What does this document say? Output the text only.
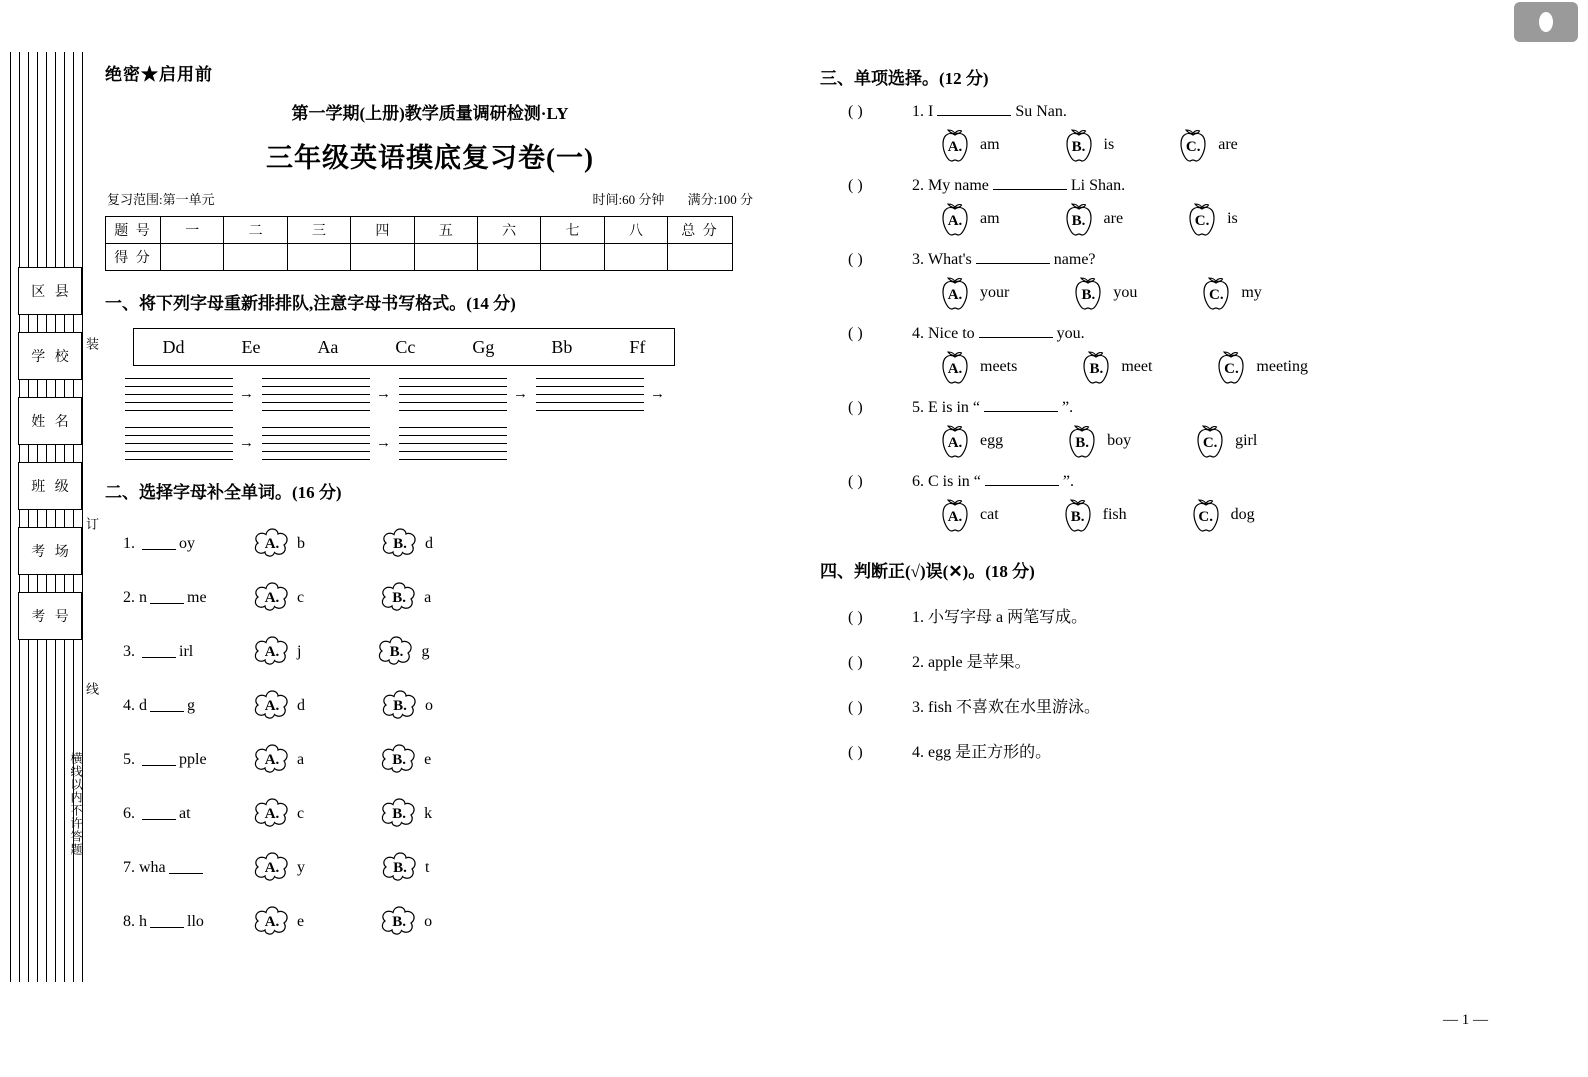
区 县
学 校
姓 名
班 级
考 场
考 号
装
订
线
横线以内不许答题
绝密★启用前
第一学期(上册)教学质量调研检测·LY
三年级英语摸底复习卷(一)
复习范围:第一单元	时间:60 分钟 满分:100 分
题 号	一	二	三	四	五	六	七	八	总 分
得 分									
一、将下列字母重新排排队,注意字母书写格式。(14 分)
Dd	Ee	Aa	Cc	Gg	Bb	Ff
→	→	→	→
→	→
二、选择字母补全单词。(16 分)
1.	oy	A.	b	B.	d
2. n	me	A.	c	B.	a
3.	irl	A.	j	B.	g
4. d	g	A.	d	B.	o
5.	pple	A.	a	B.	e
6.	at	A.	c	B.	k
7. wha	A.	y	B.	t
8. h	llo	A.	e	B.	o
三、单项选择。(12 分)
( )	1.
I	Su Nan.
A.	am	B.	is	C.	are
( )	2.
My name	Li Shan.
A.	am	B.	are	C.	is
( )	3.
What's	name?
A.	your	B.	you	C.	my
( )	4.
Nice to	you.
A.	meets	B.	meet	C.	meeting
( )	5.
E is in “	”.
A.	egg	B.	boy	C.	girl
( )	6.
C is in “	”.
A.	cat	B.	fish	C.	dog
四、判断正(√)误(✕)。(18 分)
( )	1.
小写字母 a 两笔写成。
( )	2.
apple 是苹果。
( )	3.
fish 不喜欢在水里游泳。
( )	4.
egg 是正方形的。
— 1 —
